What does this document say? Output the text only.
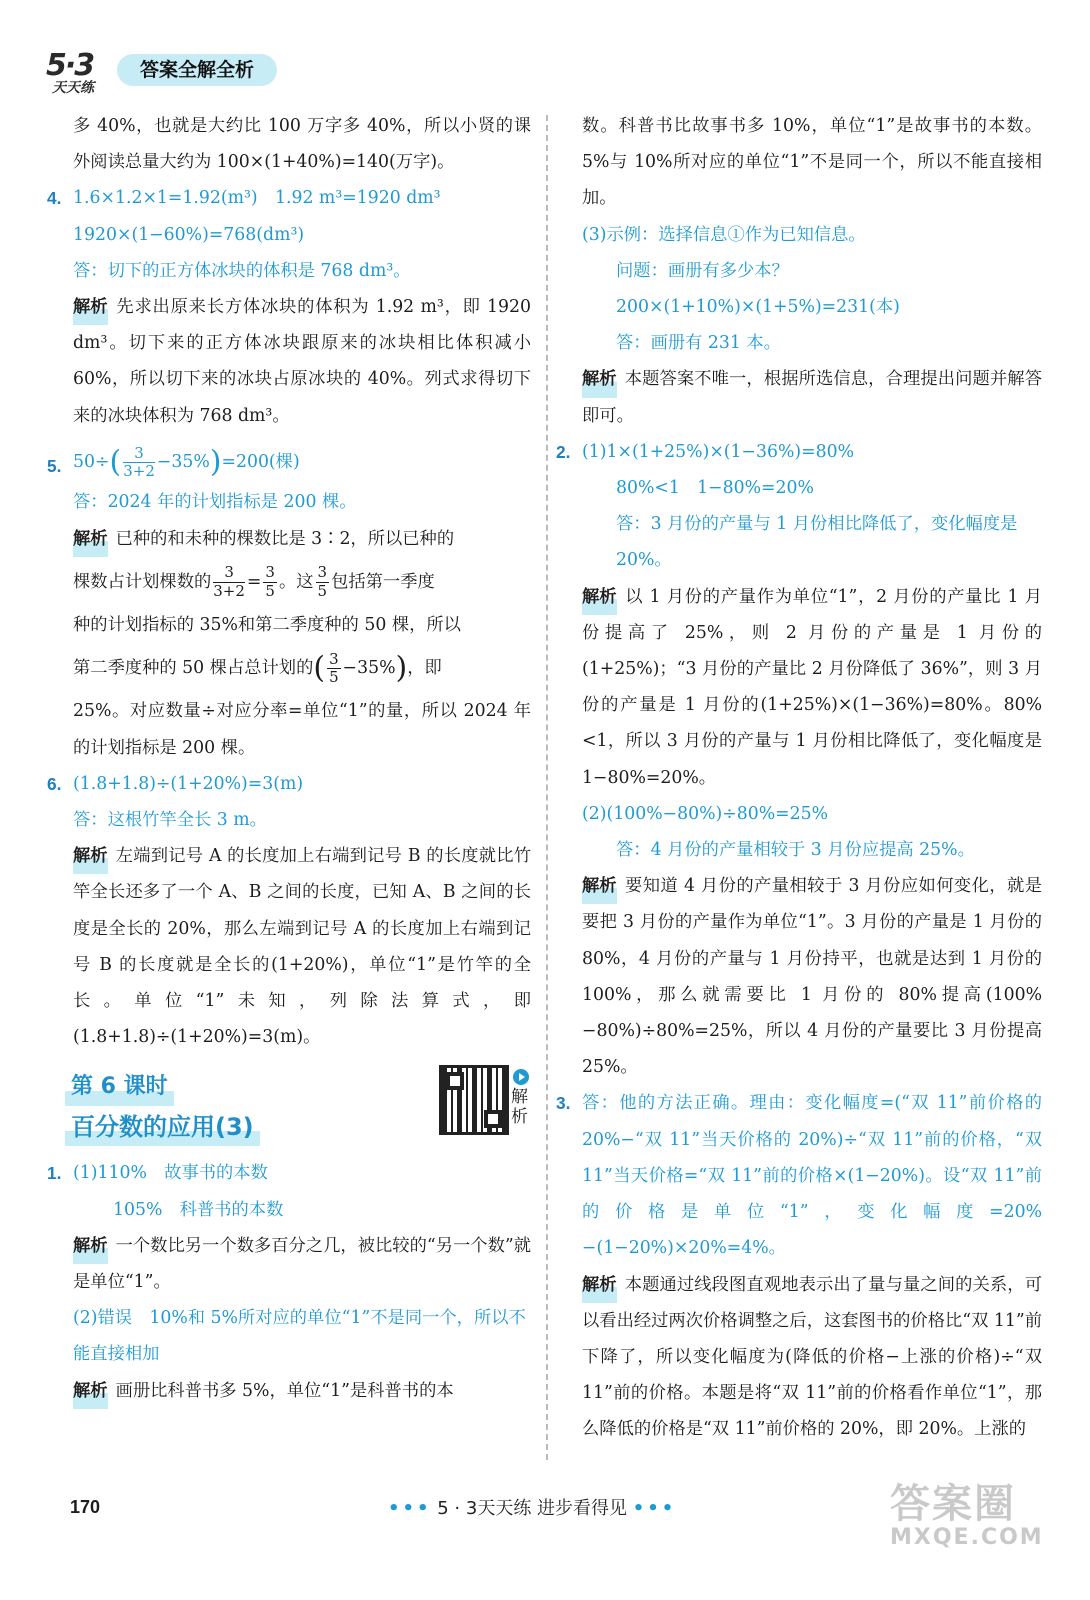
5·3
天天练
答案全解全析

多 40%，也就是大约比 100 万字多 40%，所以小贤的课外阅读总量大约为 100×(1+40%)=140(万字)。

4. 1.6×1.2×1=1.92(m³)　1.92 m³=1920 dm³
1920×(1−60%)=768(dm³)
答：切下的正方体冰块的体积是 768 dm³。

解析 先求出原来长方体冰块的体积为 1.92 m³，即 1920 dm³。切下来的正方体冰块跟原来的冰块相比体积减小 60%，所以切下来的冰块占原冰块的 40%。列式求得切下来的冰块体积为 768 dm³。

5. $50\div( \frac{3}{3+2} -35\%)=200$(棵)
答：2024 年的计划指标是 200 棵。
解析 已种的和未种的棵数比是 3∶2，所以已种的
棵数占计划棵数的 $\frac{3}{3+2} = \frac{3}{5}$ 。这 $\frac{3}{5}$ 包括第一季度
种的计划指标的 35%和第二季度种的 50 棵，所以
第二季度种的 50 棵占总计划的( $\frac{3}{5} -35\%$)，即

25%。对应数量÷对应分率=单位“1”的量，所以 2024 年的计划指标是 200 棵。

6. (1.8+1.8)÷(1+20%)=3(m)
答：这根竹竿全长 3 m。

解析 左端到记号 A 的长度加上右端到记号 B 的长度就比竹竿全长还多了一个 A、B 之间的长度，已知 A、B 之间的长度是全长的 20%，那么左端到记号 A 的长度加上右端到记号 B 的长度就是全长的(1+20%)，单位“1”是竹竿的全长。单位“1”未知，列除法算式，即(1.8+1.8)÷(1+20%)=3(m)。

第 6 课时
百分数的应用(3)
解析
1. (1)110%　故事书的本数
105%　科普书的本数

解析 一个数比另一个数多百分之几，被比较的“另一个数”就是单位“1”。

(2)错误　10%和 5%所对应的单位“1”不是同一个，所以不能直接相加

解析 画册比科普书多 5%，单位“1”是科普书的本

数。科普书比故事书多 10%，单位“1”是故事书的本数。5%与 10%所对应的单位“1”不是同一个，所以不能直接相加。

(3)示例：选择信息①作为已知信息。
问题：画册有多少本？
200×(1+10%)×(1+5%)=231(本)
答：画册有 231 本。

解析 本题答案不唯一，根据所选信息，合理提出问题并解答即可。

2. (1)1×(1+25%)×(1−36%)=80%
80%<1　1−80%=20%
答：3 月份的产量与 1 月份相比降低了，变化幅度是 20%。

解析 以 1 月份的产量作为单位“1”，2 月份的产量比 1 月份提高了 25%，则 2 月份的产量是 1 月份的(1+25%)；“3 月份的产量比 2 月份降低了 36%”，则 3 月份的产量是 1 月份的(1+25%)×(1−36%)=80%。80%<1，所以 3 月份的产量与 1 月份相比降低了，变化幅度是 1−80%=20%。

(2)(100%−80%)÷80%=25%
答：4 月份的产量相较于 3 月份应提高 25%。

解析 要知道 4 月份的产量相较于 3 月份应如何变化，就是要把 3 月份的产量作为单位“1”。3 月份的产量是 1 月份的 80%，4 月份的产量与 1 月份持平，也就是达到 1 月份的 100%，那么就需要比 1 月份的 80%提高(100%−80%)÷80%=25%，所以 4 月份的产量要比 3 月份提高 25%。

3. 答：他的方法正确。理由：变化幅度=(“双 11”前价格的 20%−“双 11”当天价格的 20%)÷“双 11”前的价格，“双 11”当天价格=“双 11”前的价格×(1−20%)。设“双 11”前的价格是单位“1”，变化幅度=20%−(1−20%)×20%=4%。

解析 本题通过线段图直观地表示出了量与量之间的关系，可以看出经过两次价格调整之后，这套图书的价格比“双 11”前下降了，所以变化幅度为(降低的价格−上涨的价格)÷“双 11”前的价格。本题是将“双 11”前的价格看作单位“1”，那么降低的价格是“双 11”前价格的 20%，即 20%。上涨的

170	••• 5 · 3天天练 进步看得见 •••	答案圈
MXQE.COM
